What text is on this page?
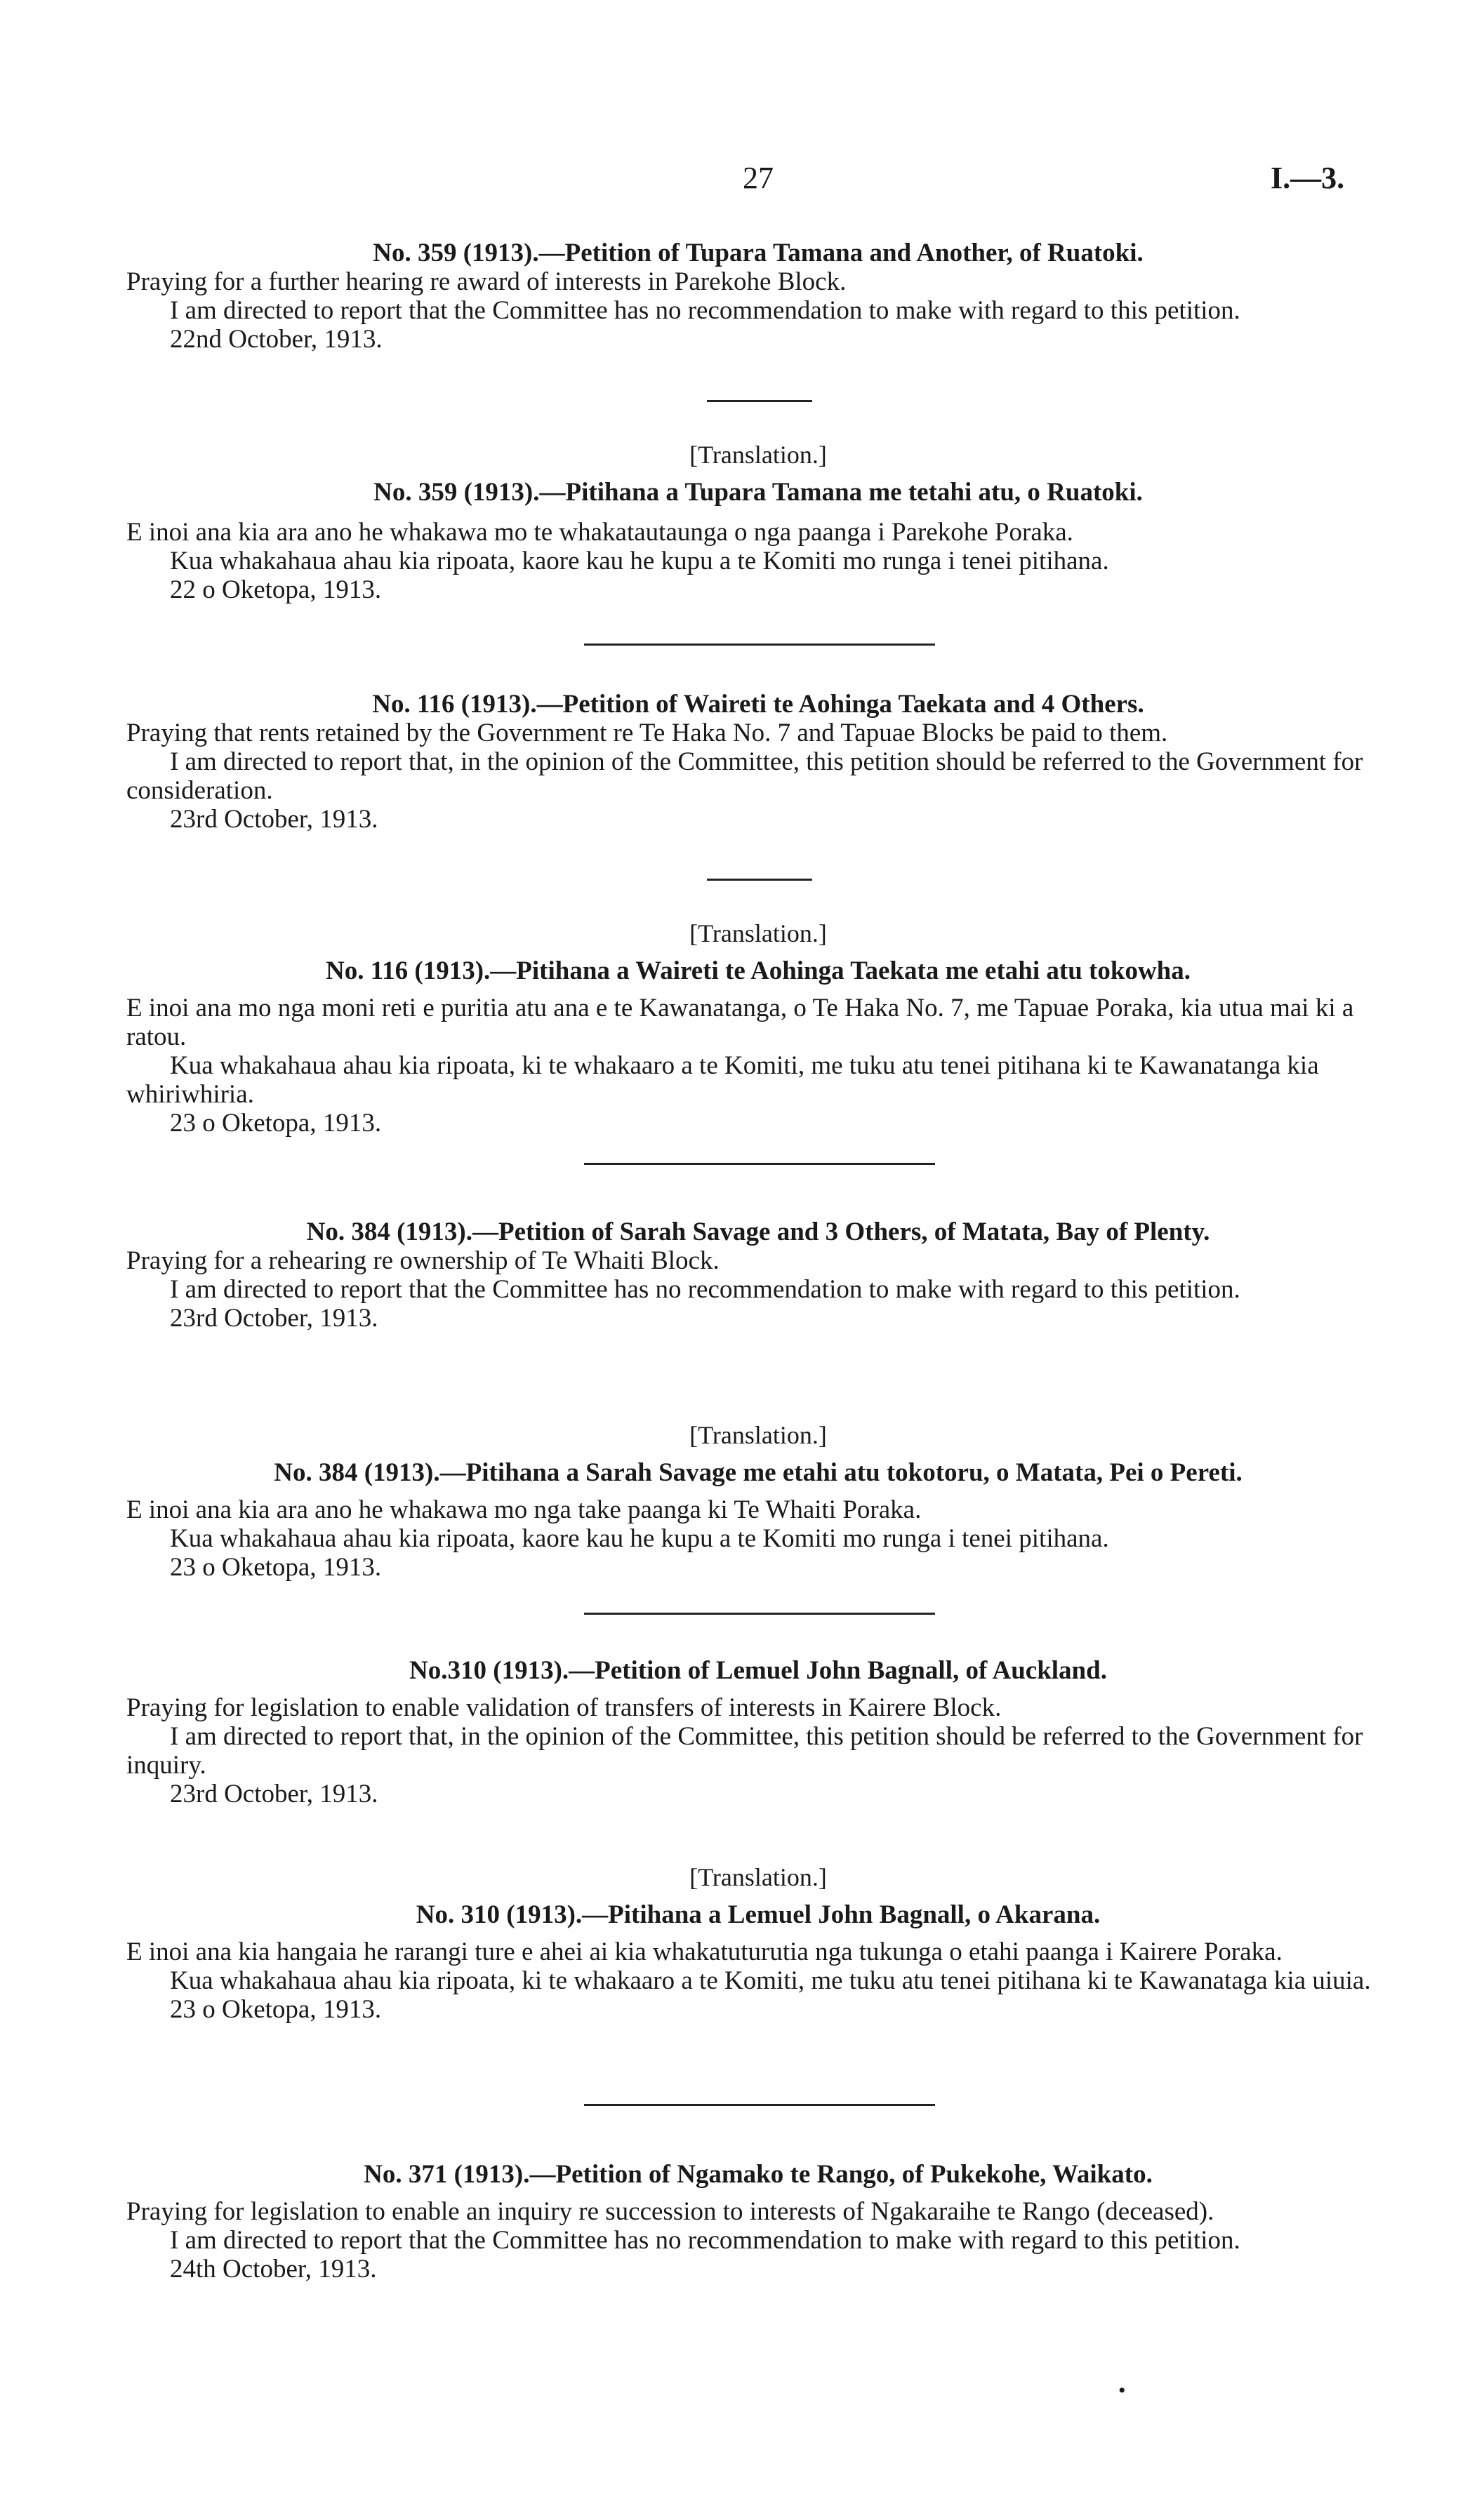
27	I.—3.

No. 359 (1913).—Petition of Tupara Tamana and Another, of Ruatoki.

Praying for a further hearing re award of interests in Parekohe Block.

I am directed to report that the Committee has no recommendation to make with regard to this petition.

22nd October, 1913.

[Translation.]

No. 359 (1913).—Pitihana a Tupara Tamana me tetahi atu, o Ruatoki.

E inoi ana kia ara ano he whakawa mo te whakatautaunga o nga paanga i Parekohe Poraka.

Kua whakahaua ahau kia ripoata, kaore kau he kupu a te Komiti mo runga i tenei pitihana.

22 o Oketopa, 1913.

No. 116 (1913).—Petition of Waireti te Aohinga Taekata and 4 Others.

Praying that rents retained by the Government re Te Haka No. 7 and Tapuae Blocks be paid to them.

I am directed to report that, in the opinion of the Committee, this petition should be referred to the Government for consideration.

23rd October, 1913.

[Translation.]

No. 116 (1913).—Pitihana a Waireti te Aohinga Taekata me etahi atu tokowha.

E inoi ana mo nga moni reti e puritia atu ana e te Kawanatanga, o Te Haka No. 7, me Tapuae Poraka, kia utua mai ki a ratou.

Kua whakahaua ahau kia ripoata, ki te whakaaro a te Komiti, me tuku atu tenei pitihana ki te Kawanatanga kia whiriwhiria.

23 o Oketopa, 1913.

No. 384 (1913).—Petition of Sarah Savage and 3 Others, of Matata, Bay of Plenty.

Praying for a rehearing re ownership of Te Whaiti Block.

I am directed to report that the Committee has no recommendation to make with regard to this petition.

23rd October, 1913.

[Translation.]

No. 384 (1913).—Pitihana a Sarah Savage me etahi atu tokotoru, o Matata, Pei o Pereti.

E inoi ana kia ara ano he whakawa mo nga take paanga ki Te Whaiti Poraka.

Kua whakahaua ahau kia ripoata, kaore kau he kupu a te Komiti mo runga i tenei pitihana.

23 o Oketopa, 1913.

No.310 (1913).—Petition of Lemuel John Bagnall, of Auckland.

Praying for legislation to enable validation of transfers of interests in Kairere Block.

I am directed to report that, in the opinion of the Committee, this petition should be referred to the Government for inquiry.

23rd October, 1913.

[Translation.]

No. 310 (1913).—Pitihana a Lemuel John Bagnall, o Akarana.

E inoi ana kia hangaia he rarangi ture e ahei ai kia whakatuturutia nga tukunga o etahi paanga i Kairere Poraka.

Kua whakahaua ahau kia ripoata, ki te whakaaro a te Komiti, me tuku atu tenei pitihana ki te Kawanataga kia uiuia.

23 o Oketopa, 1913.

No. 371 (1913).—Petition of Ngamako te Rango, of Pukekohe, Waikato.

Praying for legislation to enable an inquiry re succession to interests of Ngakaraihe te Rango (deceased).

I am directed to report that the Committee has no recommendation to make with regard to this petition.

24th October, 1913.

•
